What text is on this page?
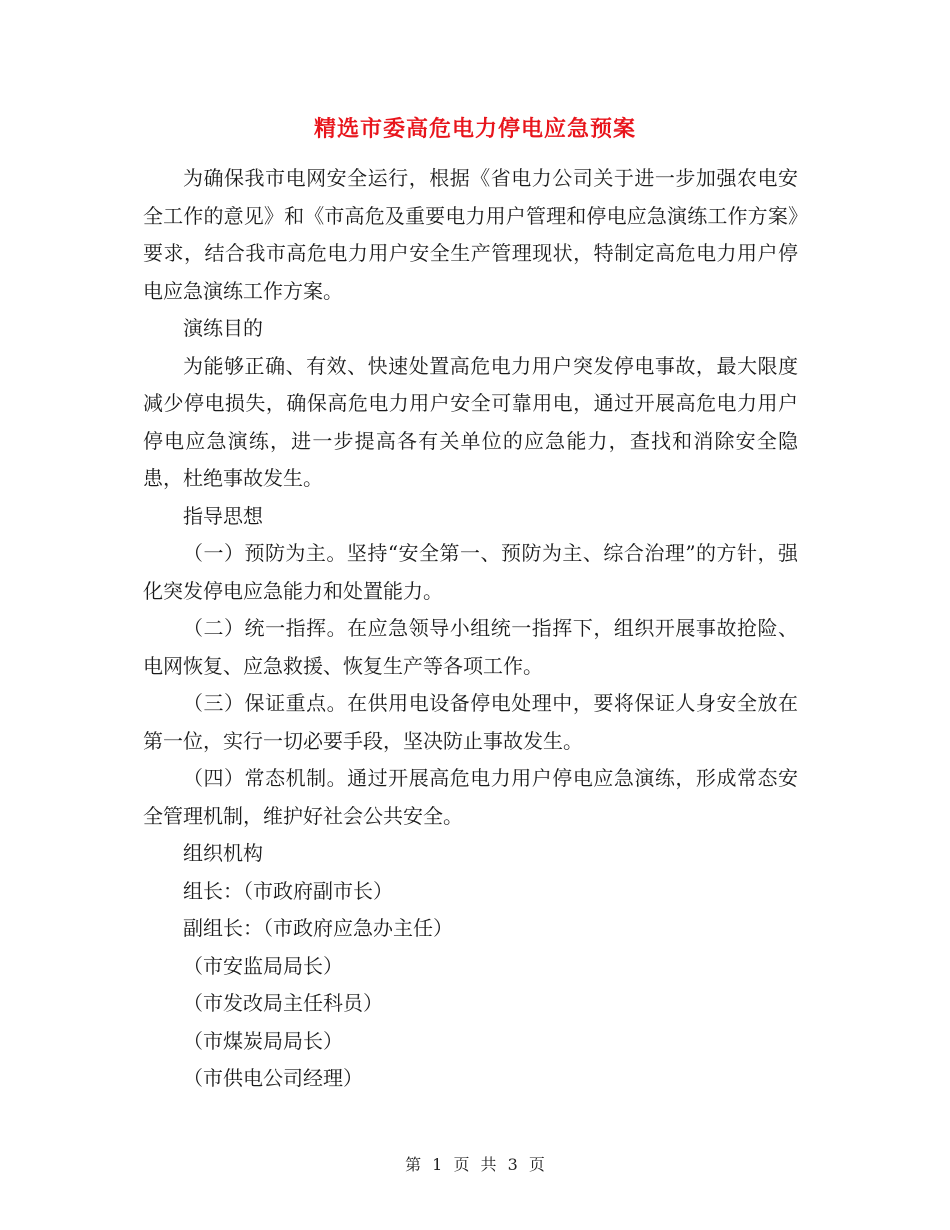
精选市委高危电力停电应急预案

为确保我市电网安全运行，根据《省电力公司关于进一步加强农电安全工作的意见》和《市高危及重要电力用户管理和停电应急演练工作方案》要求，结合我市高危电力用户安全生产管理现状，特制定高危电力用户停电应急演练工作方案。

演练目的

为能够正确、有效、快速处置高危电力用户突发停电事故，最大限度减少停电损失，确保高危电力用户安全可靠用电，通过开展高危电力用户停电应急演练，进一步提高各有关单位的应急能力，查找和消除安全隐患，杜绝事故发生。

指导思想

（一）预防为主。坚持“安全第一、预防为主、综合治理”的方针，强化突发停电应急能力和处置能力。

（二）统一指挥。在应急领导小组统一指挥下，组织开展事故抢险、电网恢复、应急救援、恢复生产等各项工作。

（三）保证重点。在供用电设备停电处理中，要将保证人身安全放在第一位，实行一切必要手段，坚决防止事故发生。

（四）常态机制。通过开展高危电力用户停电应急演练，形成常态安全管理机制，维护好社会公共安全。

组织机构

组长：（市政府副市长）

副组长：（市政府应急办主任）

（市安监局局长）

（市发改局主任科员）

（市煤炭局局长）

（市供电公司经理）

第 1 页 共 3 页
